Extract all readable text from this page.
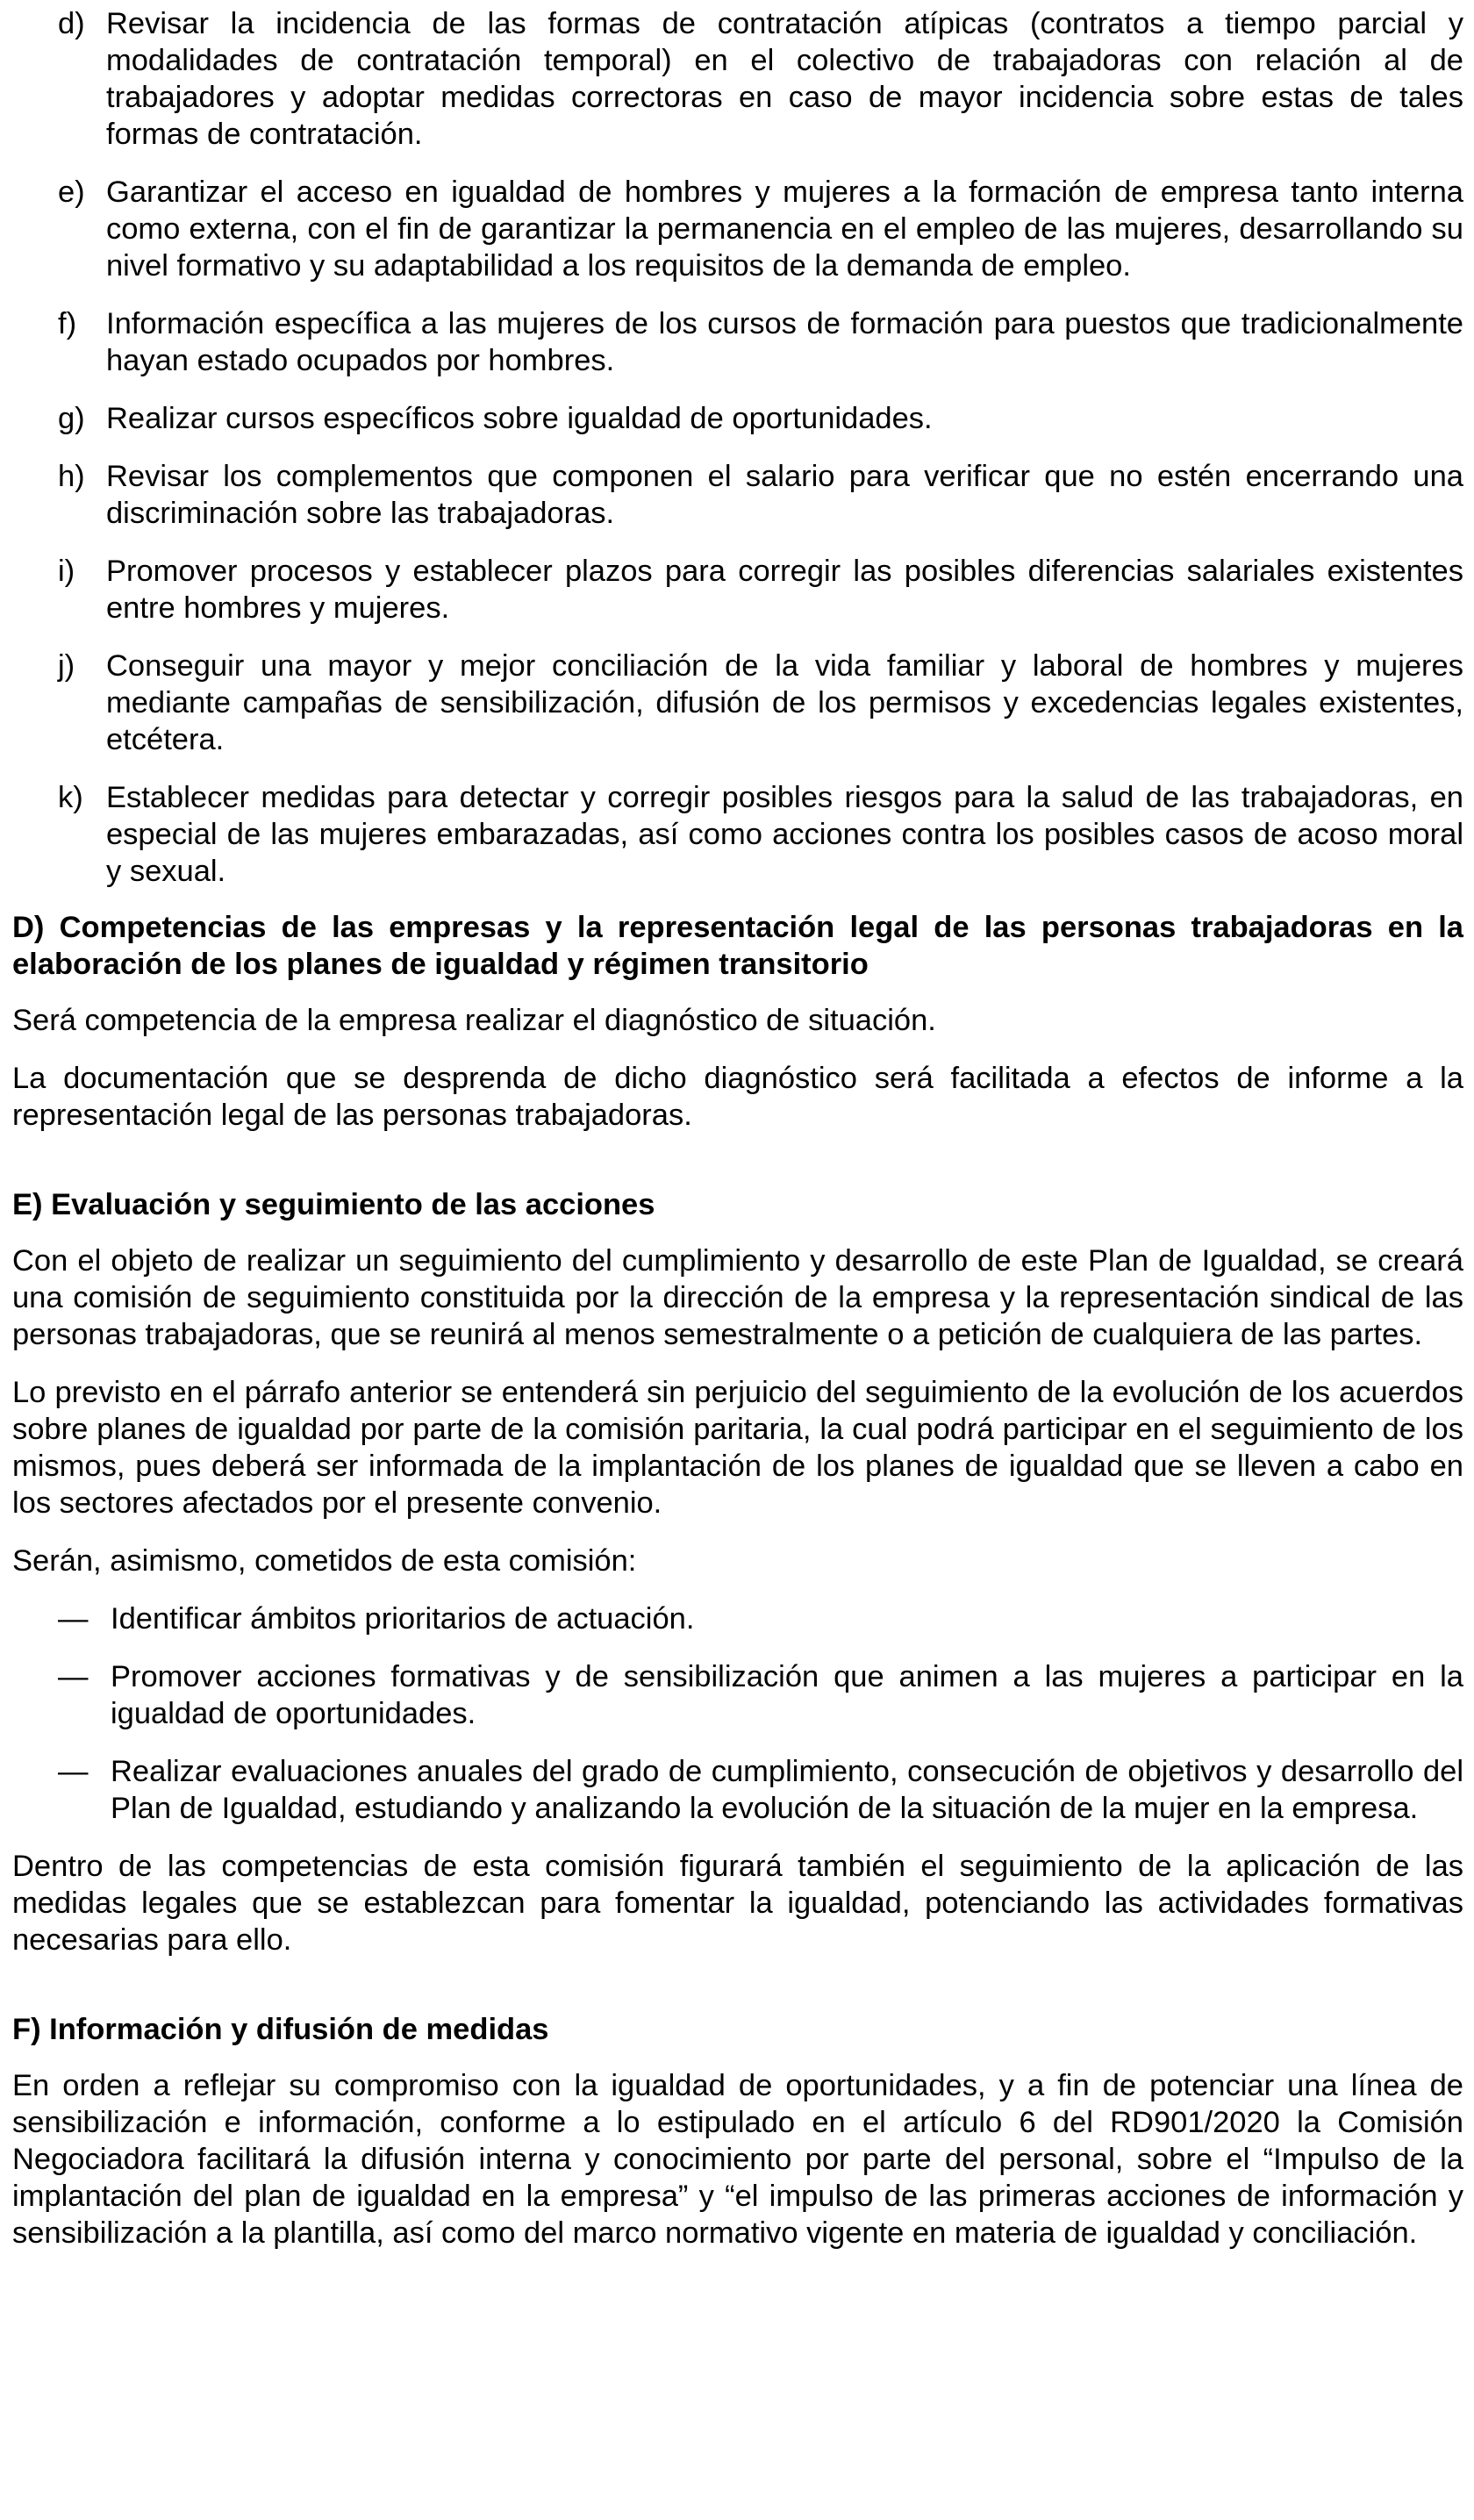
d) Revisar la incidencia de las formas de contratación atípicas (contratos a tiempo parcial y modalidades de contratación temporal) en el colectivo de trabajadoras con relación al de trabajadores y adoptar medidas correctoras en caso de mayor incidencia sobre estas de tales formas de contratación.
e) Garantizar el acceso en igualdad de hombres y mujeres a la formación de empresa tanto interna como externa, con el fin de garantizar la permanencia en el empleo de las mujeres, desarrollando su nivel formativo y su adaptabilidad a los requisitos de la demanda de empleo.
f) Información específica a las mujeres de los cursos de formación para puestos que tradicionalmente hayan estado ocupados por hombres.
g) Realizar cursos específicos sobre igualdad de oportunidades.
h) Revisar los complementos que componen el salario para verificar que no estén encerrando una discriminación sobre las trabajadoras.
i)	Promover procesos y establecer plazos para corregir las posibles diferencias salariales existentes entre hombres y mujeres.
j)	Conseguir una mayor y mejor conciliación de la vida familiar y laboral de hombres y mujeres mediante campañas de sensibilización, difusión de los permisos y excedencias legales existentes, etcétera.
k) Establecer medidas para detectar y corregir posibles riesgos para la salud de las trabajadoras, en especial de las mujeres embarazadas, así como acciones contra los posibles casos de acoso moral y sexual.

D) Competencias de las empresas y la representación legal de las personas trabajadoras en la elaboración de los planes de igualdad y régimen transitorio

Será competencia de la empresa realizar el diagnóstico de situación.

La documentación que se desprenda de dicho diagnóstico será facilitada a efectos de informe a la representación legal de las personas trabajadoras.

E) Evaluación y seguimiento de las acciones

Con el objeto de realizar un seguimiento del cumplimiento y desarrollo de este Plan de Igualdad, se creará una comisión de seguimiento constituida por la dirección de la empresa y la representación sindical de las personas trabajadoras, que se reunirá al menos semestralmente o a petición de cualquiera de las partes.

Lo previsto en el párrafo anterior se entenderá sin perjuicio del seguimiento de la evolución de los acuerdos sobre planes de igualdad por parte de la comisión paritaria, la cual podrá participar en el seguimiento de los mismos, pues deberá ser informada de la implantación de los planes de igualdad que se lleven a cabo en los sectores afectados por el presente convenio.

Serán, asimismo, cometidos de esta comisión:

— Identificar ámbitos prioritarios de actuación.
— Promover acciones formativas y de sensibilización que animen a las mujeres a participar en la igualdad de oportunidades.
— Realizar evaluaciones anuales del grado de cumplimiento, consecución de objetivos y desarrollo del Plan de Igualdad, estudiando y analizando la evolución de la situación de la mujer en la empresa.

Dentro de las competencias de esta comisión figurará también el seguimiento de la aplicación de las medidas legales que se establezcan para fomentar la igualdad, potenciando las actividades formativas necesarias para ello.

F) Información y difusión de medidas

En orden a reflejar su compromiso con la igualdad de oportunidades, y a fin de potenciar una línea de sensibilización e información, conforme a lo estipulado en el artículo 6 del RD901/2020 la Comisión Negociadora facilitará la difusión interna y conocimiento por parte del personal, sobre el “Impulso de la implantación del plan de igualdad en la empresa” y “el impulso de las primeras acciones de información y sensibilización a la plantilla, así como del marco normativo vigente en materia de igualdad y conciliación.
